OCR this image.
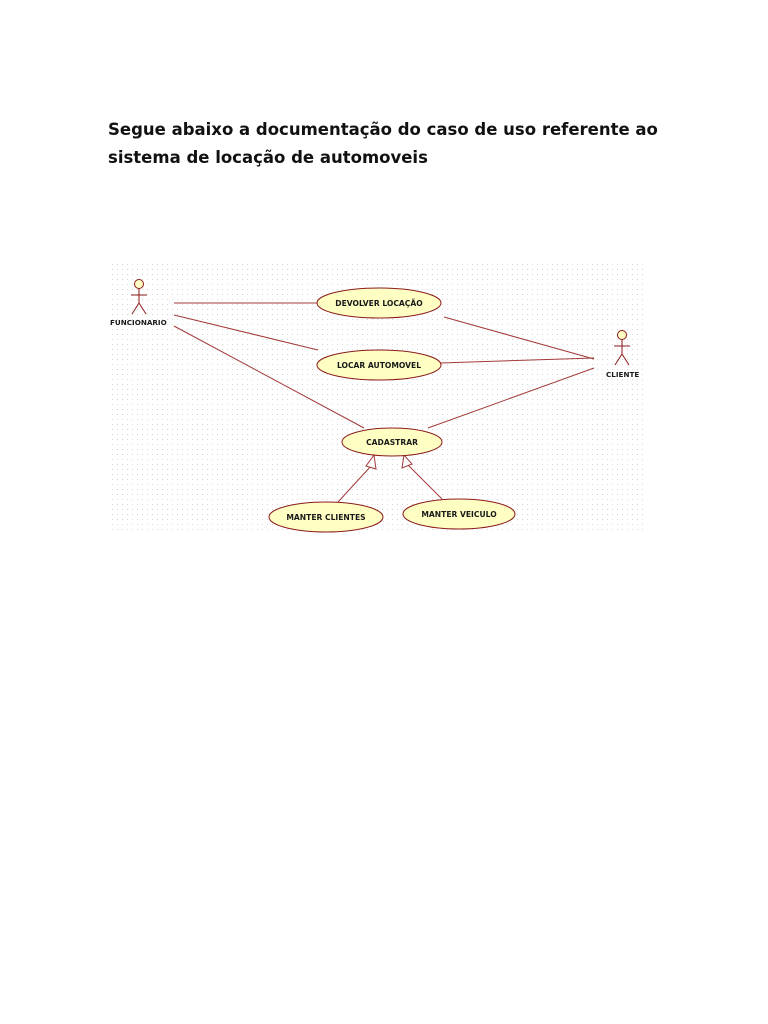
Segue abaixo a documentação do caso de uso referente ao
sistema de locação de automoveis
FUNCIONARIO
CLIENTE
DEVOLVER LOCAÇÃO
LOCAR AUTOMOVEL
CADASTRAR
MANTER CLIENTES	MANTER VEICULO
